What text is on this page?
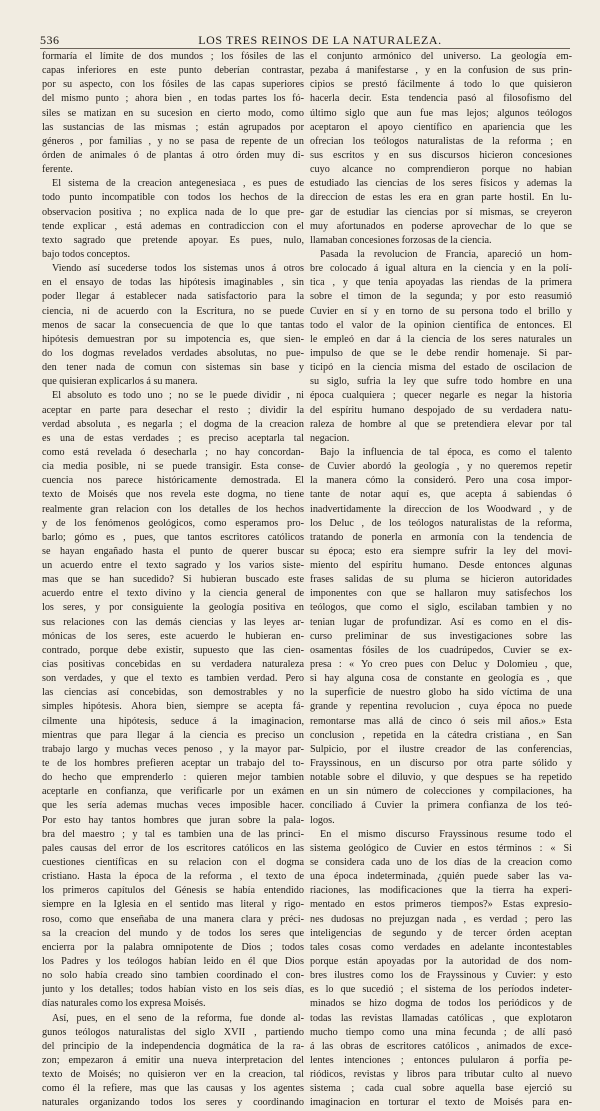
536	LOS TRES REINOS DE LA NATURALEZA.
formaría el límite de dos mundos ; los fósiles de las
capas inferiores en este punto deberían contrastar,
por su aspecto, con los fósiles de las capas superiores
del mismo punto ; ahora bien , en todas partes los fó-
siles se matizan en su sucesion en cierto modo, como
las sustancias de las mismas ; están agrupados por
géneros , por familias , y no se pasa de repente de un
órden de animales ó de plantas á otro órden muy di-
ferente.
El sistema de la creacion antegenesiaca , es pues de
todo punto incompatible con todos los hechos de la
observacion positiva ; no explica nada de lo que pre-
tende explicar , está ademas en contradiccion con el
texto sagrado que pretende apoyar. Es pues, nulo,
bajo todos conceptos.
Viendo así sucederse todos los sistemas unos á otros
en el ensayo de todas las hipótesis imaginables , sin
poder llegar á establecer nada satisfactorio para la
ciencia, ni de acuerdo con la Escritura, no se puede
menos de sacar la consecuencia de que lo que tantas
hipótesis demuestran por su impotencia es, que sien-
do los dogmas revelados verdades absolutas, no pue-
den tener nada de comun con sistemas sin base y
que quisieran explicarlos á su manera.
El absoluto es todo uno ; no se le puede dividir , ni
aceptar en parte para desechar el resto ; dividir la
verdad absoluta , es negarla ; el dogma de la creacion
es una de estas verdades ; es preciso aceptarla tal
como está revelada ó desecharla ; no hay concordan-
cia media posible, ni se puede transigir. Esta conse-
cuencia nos parece históricamente demostrada. El
texto de Moisés que nos revela este dogma, no tiene
realmente gran relacion con los detalles de los hechos
y de los fenómenos geológicos, como esperamos pro-
barlo; gómo es , pues, que tantos escritores católicos
se hayan engañado hasta el punto de querer buscar
un acuerdo entre el texto sagrado y los varios siste-
mas que se han sucedido? Si hubieran buscado este
acuerdo entre el texto divino y la ciencia general de
los seres, y por consiguiente la geología positiva en
sus relaciones con las demás ciencias y las leyes ar-
mónicas de los seres, este acuerdo le hubieran en-
contrado, porque debe existir, supuesto que las cien-
cias positivas concebidas en su verdadera naturaleza
son verdades, y que el texto es tambien verdad. Pero
las ciencias así concebidas, son demostrables y no
simples hipótesis. Ahora bien, siempre se acepta fá-
cilmente una hipótesis, seduce á la imaginacion,
mientras que para llegar á la ciencia es preciso un
trabajo largo y muchas veces penoso , y la mayor par-
te de los hombres prefieren aceptar un trabajo del to-
do hecho que emprenderlo : quieren mejor tambien
aceptarle en confianza, que verificarle por un exámen
que les sería ademas muchas veces imposible hacer.
Por esto hay tantos hombres que juran sobre la pala-
bra del maestro ; y tal es tambien una de las princi-
pales causas del error de los escritores católicos en las
cuestiones científicas en su relacion con el dogma
cristiano. Hasta la época de la reforma , el texto de
los primeros capítulos del Génesis se había entendido
siempre en la Iglesia en el sentido mas literal y rigo-
roso, como que enseñaba de una manera clara y préci-
sa la creacion del mundo y de todos los seres que
encierra por la palabra omnipotente de Dios ; todos
los Padres y los teólogos habían leido en él que Dios
no solo había creado sino tambien coordinado el con-
junto y los detalles; todos habían visto en los seis días,
días naturales como los expresa Moisés.
Así, pues, en el seno de la reforma, fue donde al-
gunos teólogos naturalistas del siglo XVII , partiendo
del principio de la independencia dogmática de la ra-
zon; empezaron á emitir una nueva interpretacion del
texto de Moisés; no quisieron ver en la creacion, tal
como él la refiere, mas que las causas y los agentes
naturales organizando todos los seres y coordinando
el conjunto armónico del universo. La geología em-
pezaba á manifestarse , y en la confusion de sus prin-
cipios se prestó fácilmente á todo lo que quisieron
hacerla decir. Esta tendencia pasó al filosofismo del
último siglo que aun fue mas lejos; algunos teólogos
aceptaron el apoyo científico en apariencia que les
ofrecian los teólogos naturalistas de la reforma ; en
sus escritos y en sus discursos hicieron concesiones
cuyo alcance no comprendieron porque no habian
estudiado las ciencias de los seres físicos y ademas la
direccion de estas les era en gran parte hostil. En lu-
gar de estudiar las ciencias por sí mismas, se creyeron
muy afortunados en poderse aprovechar de lo que se
llamaban concesiones forzosas de la ciencia.
Pasada la revolucion de Francia, apareció un hom-
bre colocado á igual altura en la ciencia y en la polí-
tica , y que tenia apoyadas las riendas de la primera
sobre el timon de la segunda; y por esto reasumió
Cuvier en sí y en torno de su persona todo el brillo y
todo el valor de la opinion científica de entonces. El
le empleó en dar á la ciencia de los seres naturales un
impulso de que se le debe rendir homenaje. Si par-
ticipó en la ciencia misma del estado de oscilacion de
su siglo, sufria la ley que sufre todo hombre en una
época cualquiera ; quecer negarle es negar la historia
del espíritu humano despojado de su verdadera natu-
raleza de hombre al que se pretendiera elevar por tal
negacion.
Bajo la influencia de tal época, es como el talento
de Cuvier abordó la geología , y no queremos repetir
la manera cómo la consideró. Pero una cosa impor-
tante de notar aquí es, que acepta á sabiendas ó
inadvertidamente la direccion de los Woodward , y de
los Deluc , de los teólogos naturalistas de la reforma,
tratando de ponerla en armonía con la tendencia de
su época; esto era siempre sufrir la ley del movi-
miento del espíritu humano. Desde entonces algunas
frases salidas de su pluma se hicieron autoridades
imponentes con que se hallaron muy satisfechos los
teólogos, que como el siglo, escilaban tambien y no
tenian lugar de profundizar. Así es como en el dis-
curso preliminar de sus investigaciones sobre las
osamentas fósiles de los cuadrúpedos, Cuvier se ex-
presa : « Yo creo pues con Deluc y Dolomieu , que,
si hay alguna cosa de constante en geología es , que
la superficie de nuestro globo ha sido víctima de una
grande y repentina revolucion , cuya época no puede
remontarse mas allá de cinco ó seis mil años.» Esta
conclusion , repetida en la cátedra cristiana , en San
Sulpicio, por el ilustre creador de las conferencias,
Frayssinous, en un discurso por otra parte sólido y
notable sobre el diluvio, y que despues se ha repetido
en un sin número de colecciones y compilaciones, ha
conciliado á Cuvier la primera confianza de los teó-
logos.
En el mismo discurso Frayssinous resume todo el
sistema geológico de Cuvier en estos términos : « Si
se considera cada uno de los días de la creacion como
una época indeterminada, ¿quién puede saber las va-
riaciones, las modificaciones que la tierra ha experi-
mentado en estos primeros tiempos?» Estas expresio-
nes dudosas no prejuzgan nada , es verdad ; pero las
inteligencias de segundo y de tercer órden aceptan
tales cosas como verdades en adelante incontestables
porque están apoyadas por la autoridad de dos nom-
bres ilustres como los de Frayssinous y Cuvier: y esto
es lo que sucedió ; el sistema de los períodos indeter-
minados se hizo dogma de todos los periódicos y de
todas las revistas llamadas católicas , que explotaron
mucho tiempo como una mina fecunda ; de allí pasó
á las obras de escritores católicos , animados de exce-
lentes intenciones ; entonces pulularon á porfía pe-
riódicos, revistas y libros para tributar culto al nuevo
sistema ; cada cual sobre aquella base ejerció su
imaginacion en torturar el texto de Moisés para en-
